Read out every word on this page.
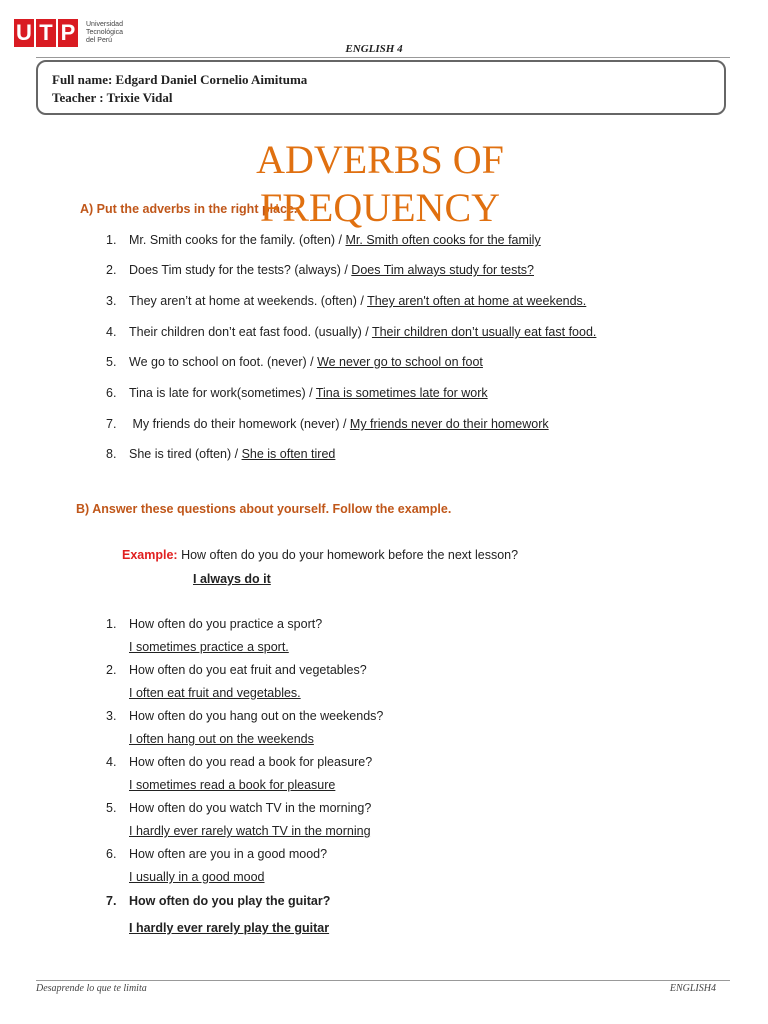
U T P	Universidad
Tecnológica
del Perú
ENGLISH 4
Full name: Edgard Daniel Cornelio Aimituma
Teacher : Trixie Vidal
A) Put the adverbs in the right place.
ADVERBS OF
FREQUENCY
1. Mr. Smith cooks for the family. (often) / Mr. Smith often cooks for the family
2. Does Tim study for the tests? (always) / Does Tim always study for tests?
3. They aren’t at home at weekends. (often) / They aren't often at home at weekends.
4. Their children don’t eat fast food. (usually) / Their children don’t usually eat fast food.
5. We go to school on foot. (never) / We never go to school on foot
6. Tina is late for work(sometimes) / Tina is sometimes late for work
7. My friends do their homework (never) / My friends never do their homework
8. She is tired (often) / She is often tired
B) Answer these questions about yourself. Follow the example.
Example: How often do you do your homework before the next lesson?
I always do it
1. How often do you practice a sport?
I sometimes practice a sport.
2. How often do you eat fruit and vegetables?
I often eat fruit and vegetables.
3. How often do you hang out on the weekends?
I often hang out on the weekends
4. How often do you read a book for pleasure?
I sometimes read a book for pleasure
5. How often do you watch TV in the morning?
I hardly ever rarely watch TV in the morning
6. How often are you in a good mood?
I usually in a good mood
7. How often do you play the guitar?
I hardly ever rarely play the guitar
Desaprende lo que te limita	ENGLISH4
